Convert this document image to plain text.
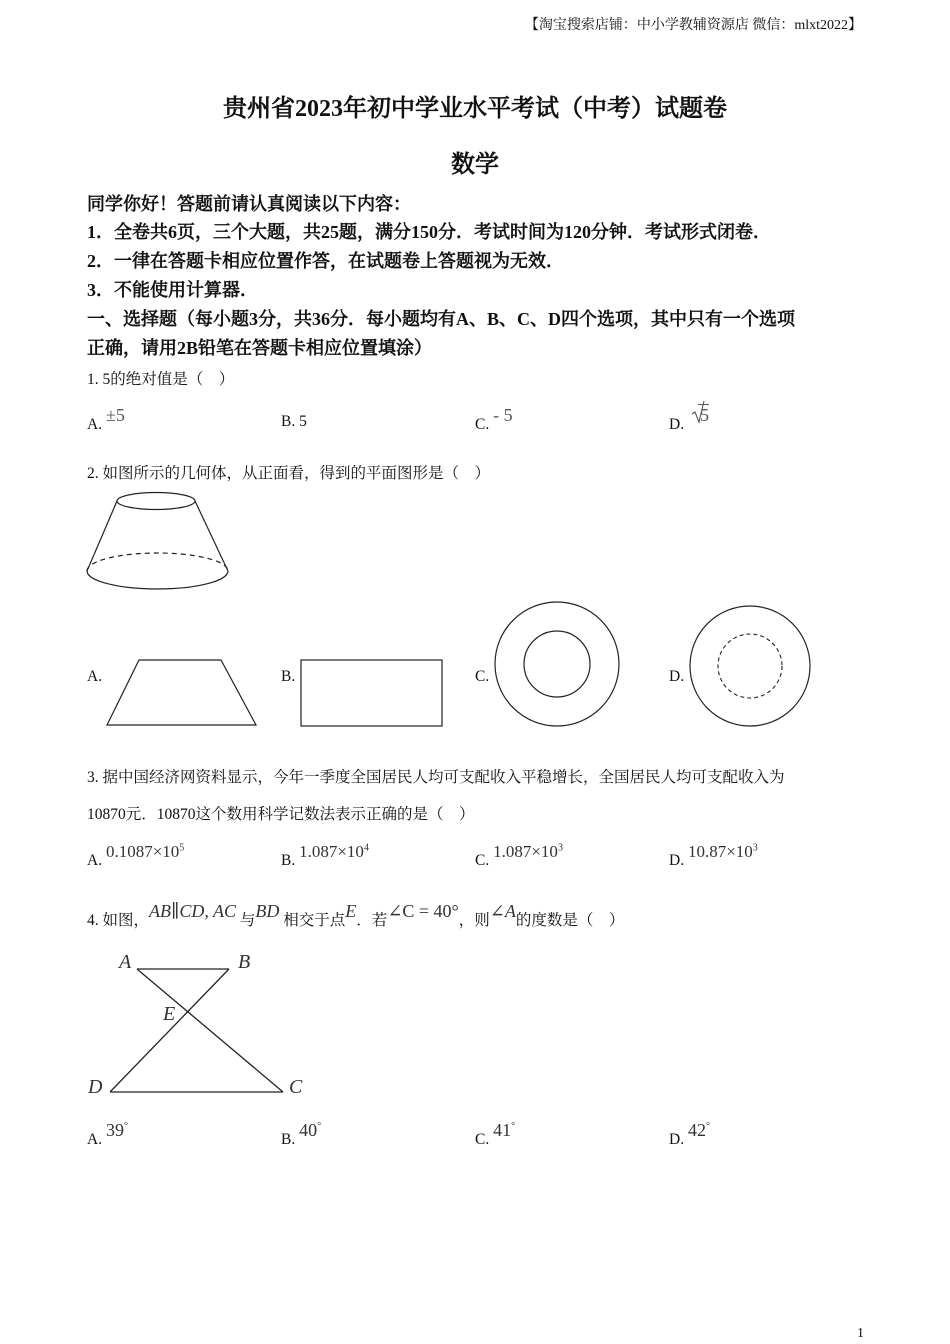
【淘宝搜索店铺：中小学教辅资源店 微信：mlxt2022】
贵州省2023年初中学业水平考试（中考）试题卷
数学
同学你好！答题前请认真阅读以下内容：
1．全卷共6页，三个大题，共25题，满分150分．考试时间为120分钟．考试形式闭卷．
2．一律在答题卡相应位置作答，在试题卷上答题视为无效．
3．不能使用计算器．
一、选择题（每小题3分，共36分．每小题均有A、B、C、D四个选项，其中只有一个选项
正确，请用2B铅笔在答题卡相应位置填涂）
1. 5的绝对值是（　）
A. ±5	B. 5	C. - 5	D. 5
2. 如图所示的几何体，从正面看，得到的平面图形是（　）
A.	B.	C.	D.
3. 据中国经济网资料显示，今年一季度全国居民人均可支配收入平稳增长，全国居民人均可支配收入为
10870元．10870这个数用科学记数法表示正确的是（　）
A. $0.1087\times 10^5$
B. $1.087\times 10^4$
C. $1.087\times 10^3$
D. $10.87\times 10^3$
4. 如图，AB∥CD, AC 与BD 相交于点E．若∠C = 40°，则∠A的度数是（　）
A	B
E
D	C
A. 39°
B. 40°
C. 41°
D. 42°
1
